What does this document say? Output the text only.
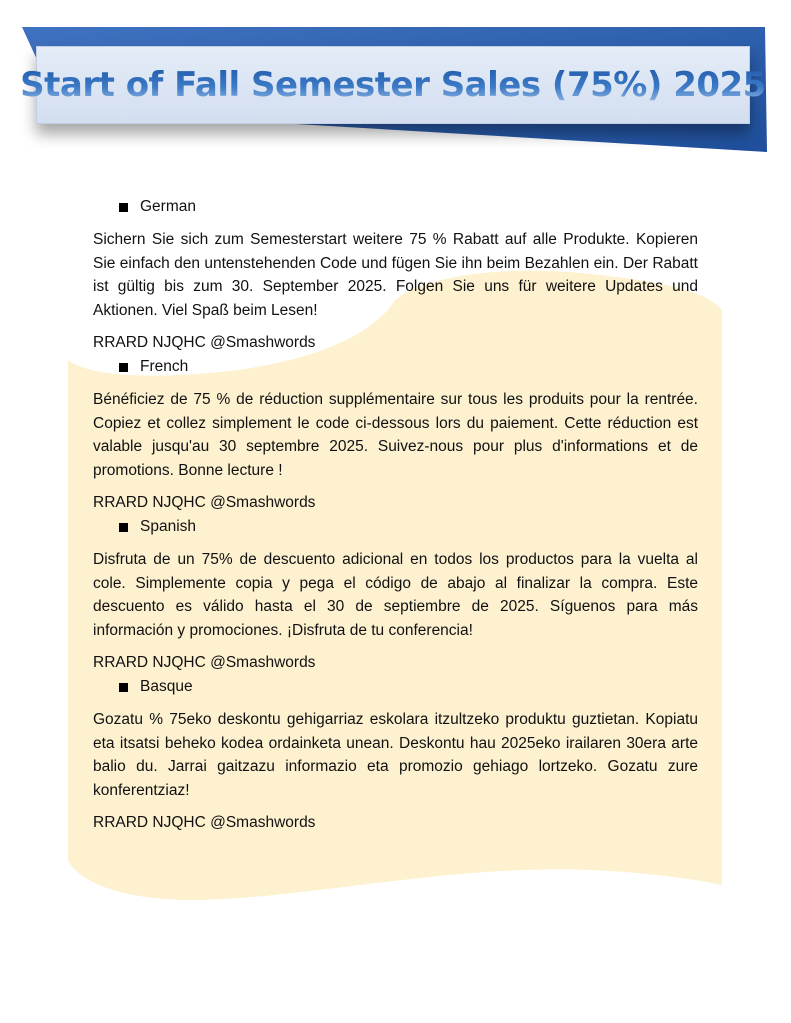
Start of Fall Semester Sales (75%) 2025
German

Sichern Sie sich zum Semesterstart weitere 75 % Rabatt auf alle Produkte. Kopieren Sie einfach den untenstehenden Code und fügen Sie ihn beim Bezahlen ein. Der Rabatt ist gültig bis zum 30. September 2025. Folgen Sie uns für weitere Updates und Aktionen. Viel Spaß beim Lesen!

RRARD NJQHC @Smashwords

French

Bénéficiez de 75 % de réduction supplémentaire sur tous les produits pour la rentrée. Copiez et collez simplement le code ci-dessous lors du paiement. Cette réduction est valable jusqu'au 30 septembre 2025. Suivez-nous pour plus d'informations et de promotions. Bonne lecture !

RRARD NJQHC @Smashwords

Spanish

Disfruta de un 75% de descuento adicional en todos los productos para la vuelta al cole. Simplemente copia y pega el código de abajo al finalizar la compra. Este descuento es válido hasta el 30 de septiembre de 2025. Síguenos para más información y promociones. ¡Disfruta de tu conferencia!

RRARD NJQHC @Smashwords

Basque

Gozatu % 75eko deskontu gehigarriaz eskolara itzultzeko produktu guztietan. Kopiatu eta itsatsi beheko kodea ordainketa unean. Deskontu hau 2025eko irailaren 30era arte balio du. Jarrai gaitzazu informazio eta promozio gehiago lortzeko. Gozatu zure konferentziaz!

RRARD NJQHC @Smashwords
